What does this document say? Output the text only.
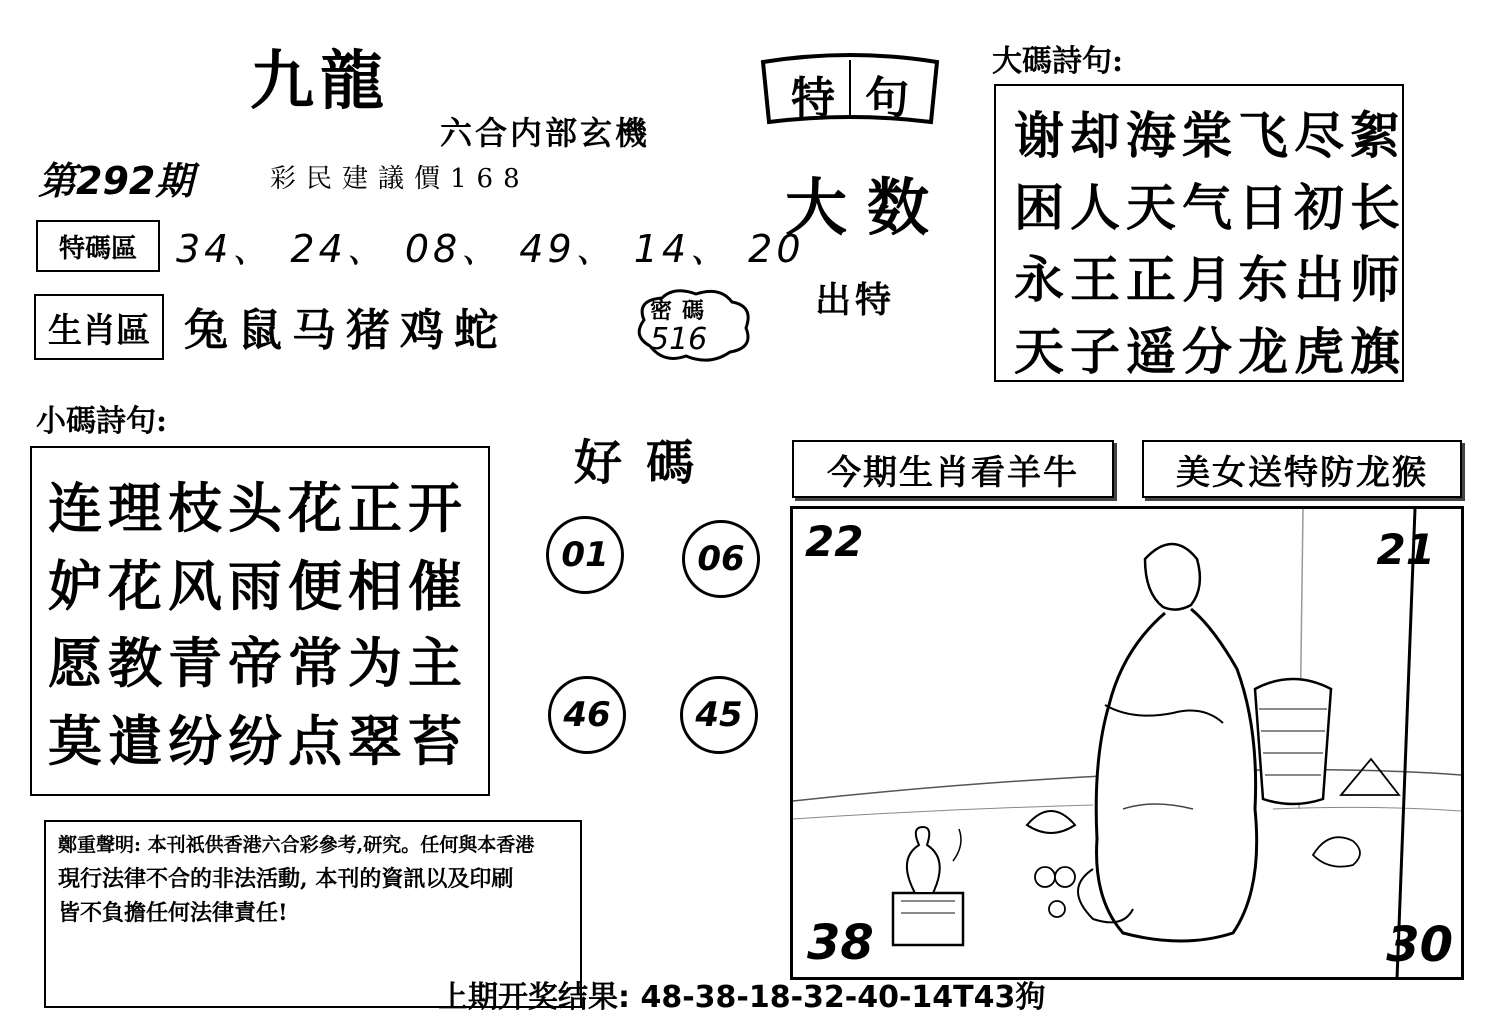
九龍
六合内部玄機
第292期	彩民建議價168
特句
大数
出特
特碼區	34、 24、 08、 49、 14、 20
生肖區 兔鼠马猪鸡蛇	密碼
516
大碼詩句:
谢却海棠飞尽絮
困人天气日初长
永王正月东出师
天子遥分龙虎旗
小碼詩句:
连理枝头花正开
妒花风雨便相催
愿教青帝常为主
莫遣纷纷点翠苔
好碼
01	06
46	45
今期生肖看羊牛	美女送特防龙猴
22	21
38	30
鄭重聲明: 本刊祇供香港六合彩參考,研究。任何與本香港
現行法律不合的非法活動, 本刊的資訊以及印刷
皆不負擔任何法律責任!
上期开奖结果: 48-38-18-32-40-14T43狗
